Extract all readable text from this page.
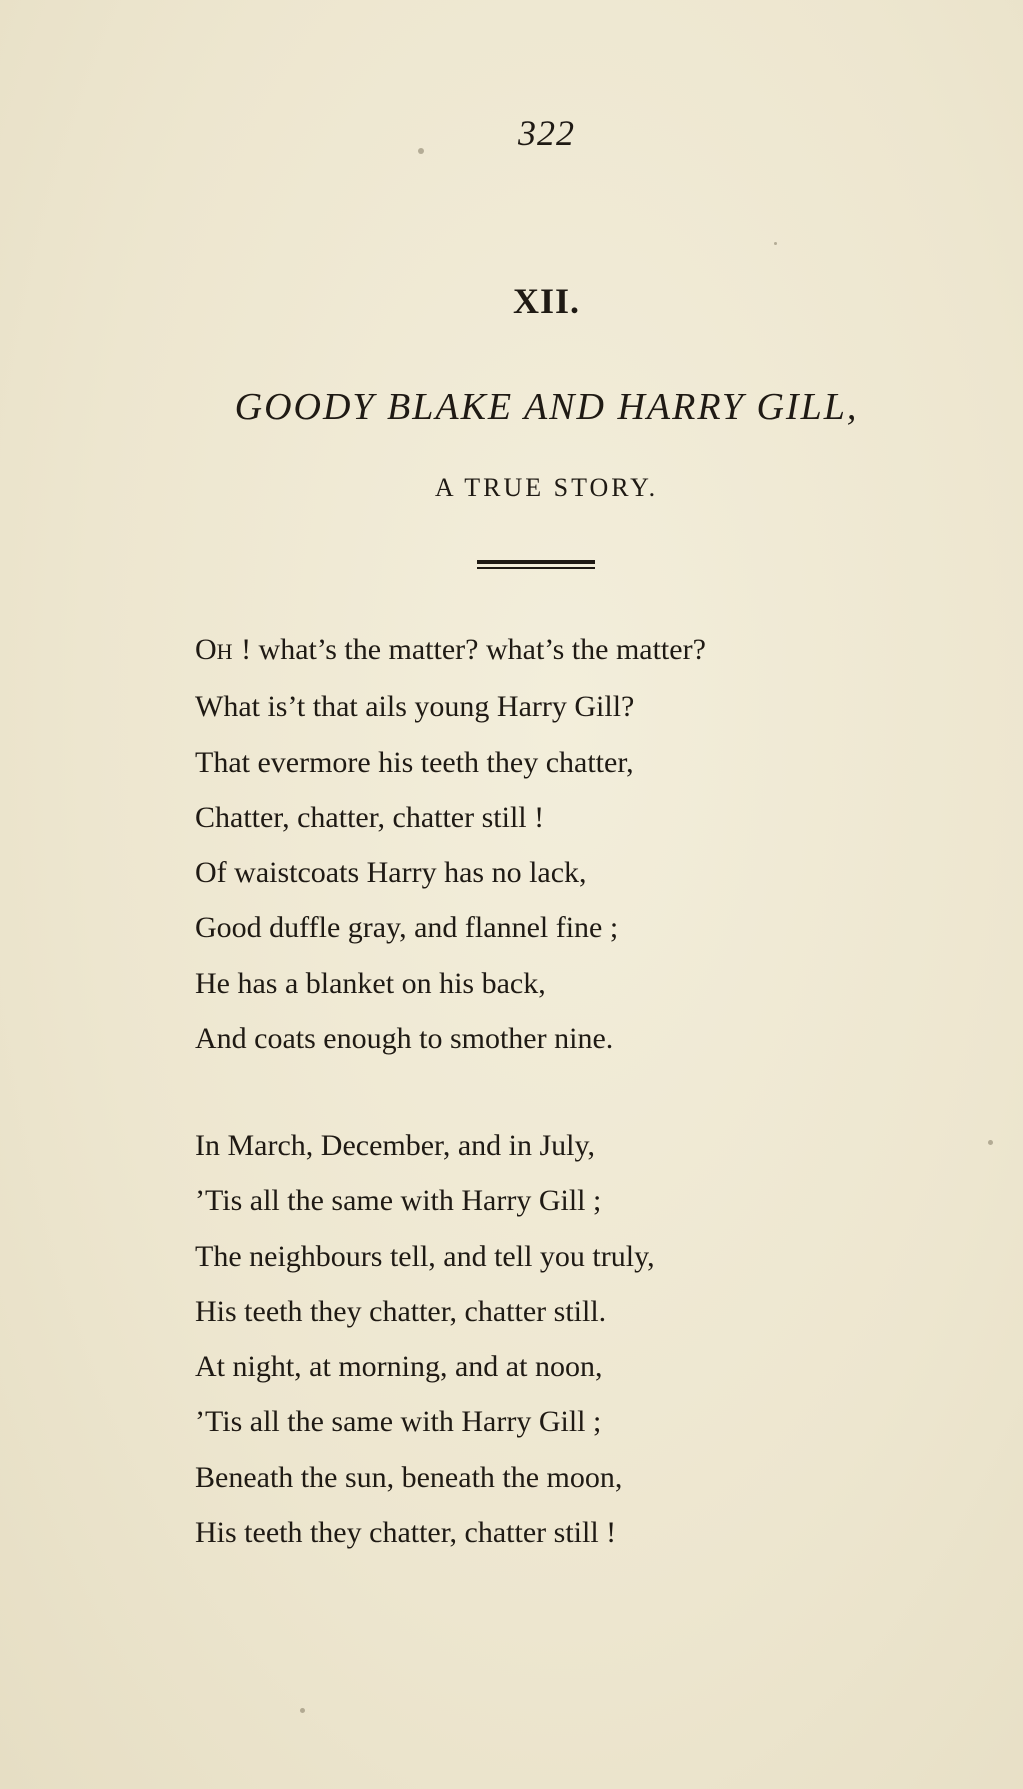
322
XII.
GOODY BLAKE AND HARRY GILL,
A TRUE STORY.
OH ! what’s the matter? what’s the matter?
What is’t that ails young Harry Gill?
That evermore his teeth they chatter,
Chatter, chatter, chatter still !
Of waistcoats Harry has no lack,
Good duffle gray, and flannel fine ;
He has a blanket on his back,
And coats enough to smother nine.
In March, December, and in July,
’Tis all the same with Harry Gill ;
The neighbours tell, and tell you truly,
His teeth they chatter, chatter still.
At night, at morning, and at noon,
’Tis all the same with Harry Gill ;
Beneath the sun, beneath the moon,
His teeth they chatter, chatter still !
